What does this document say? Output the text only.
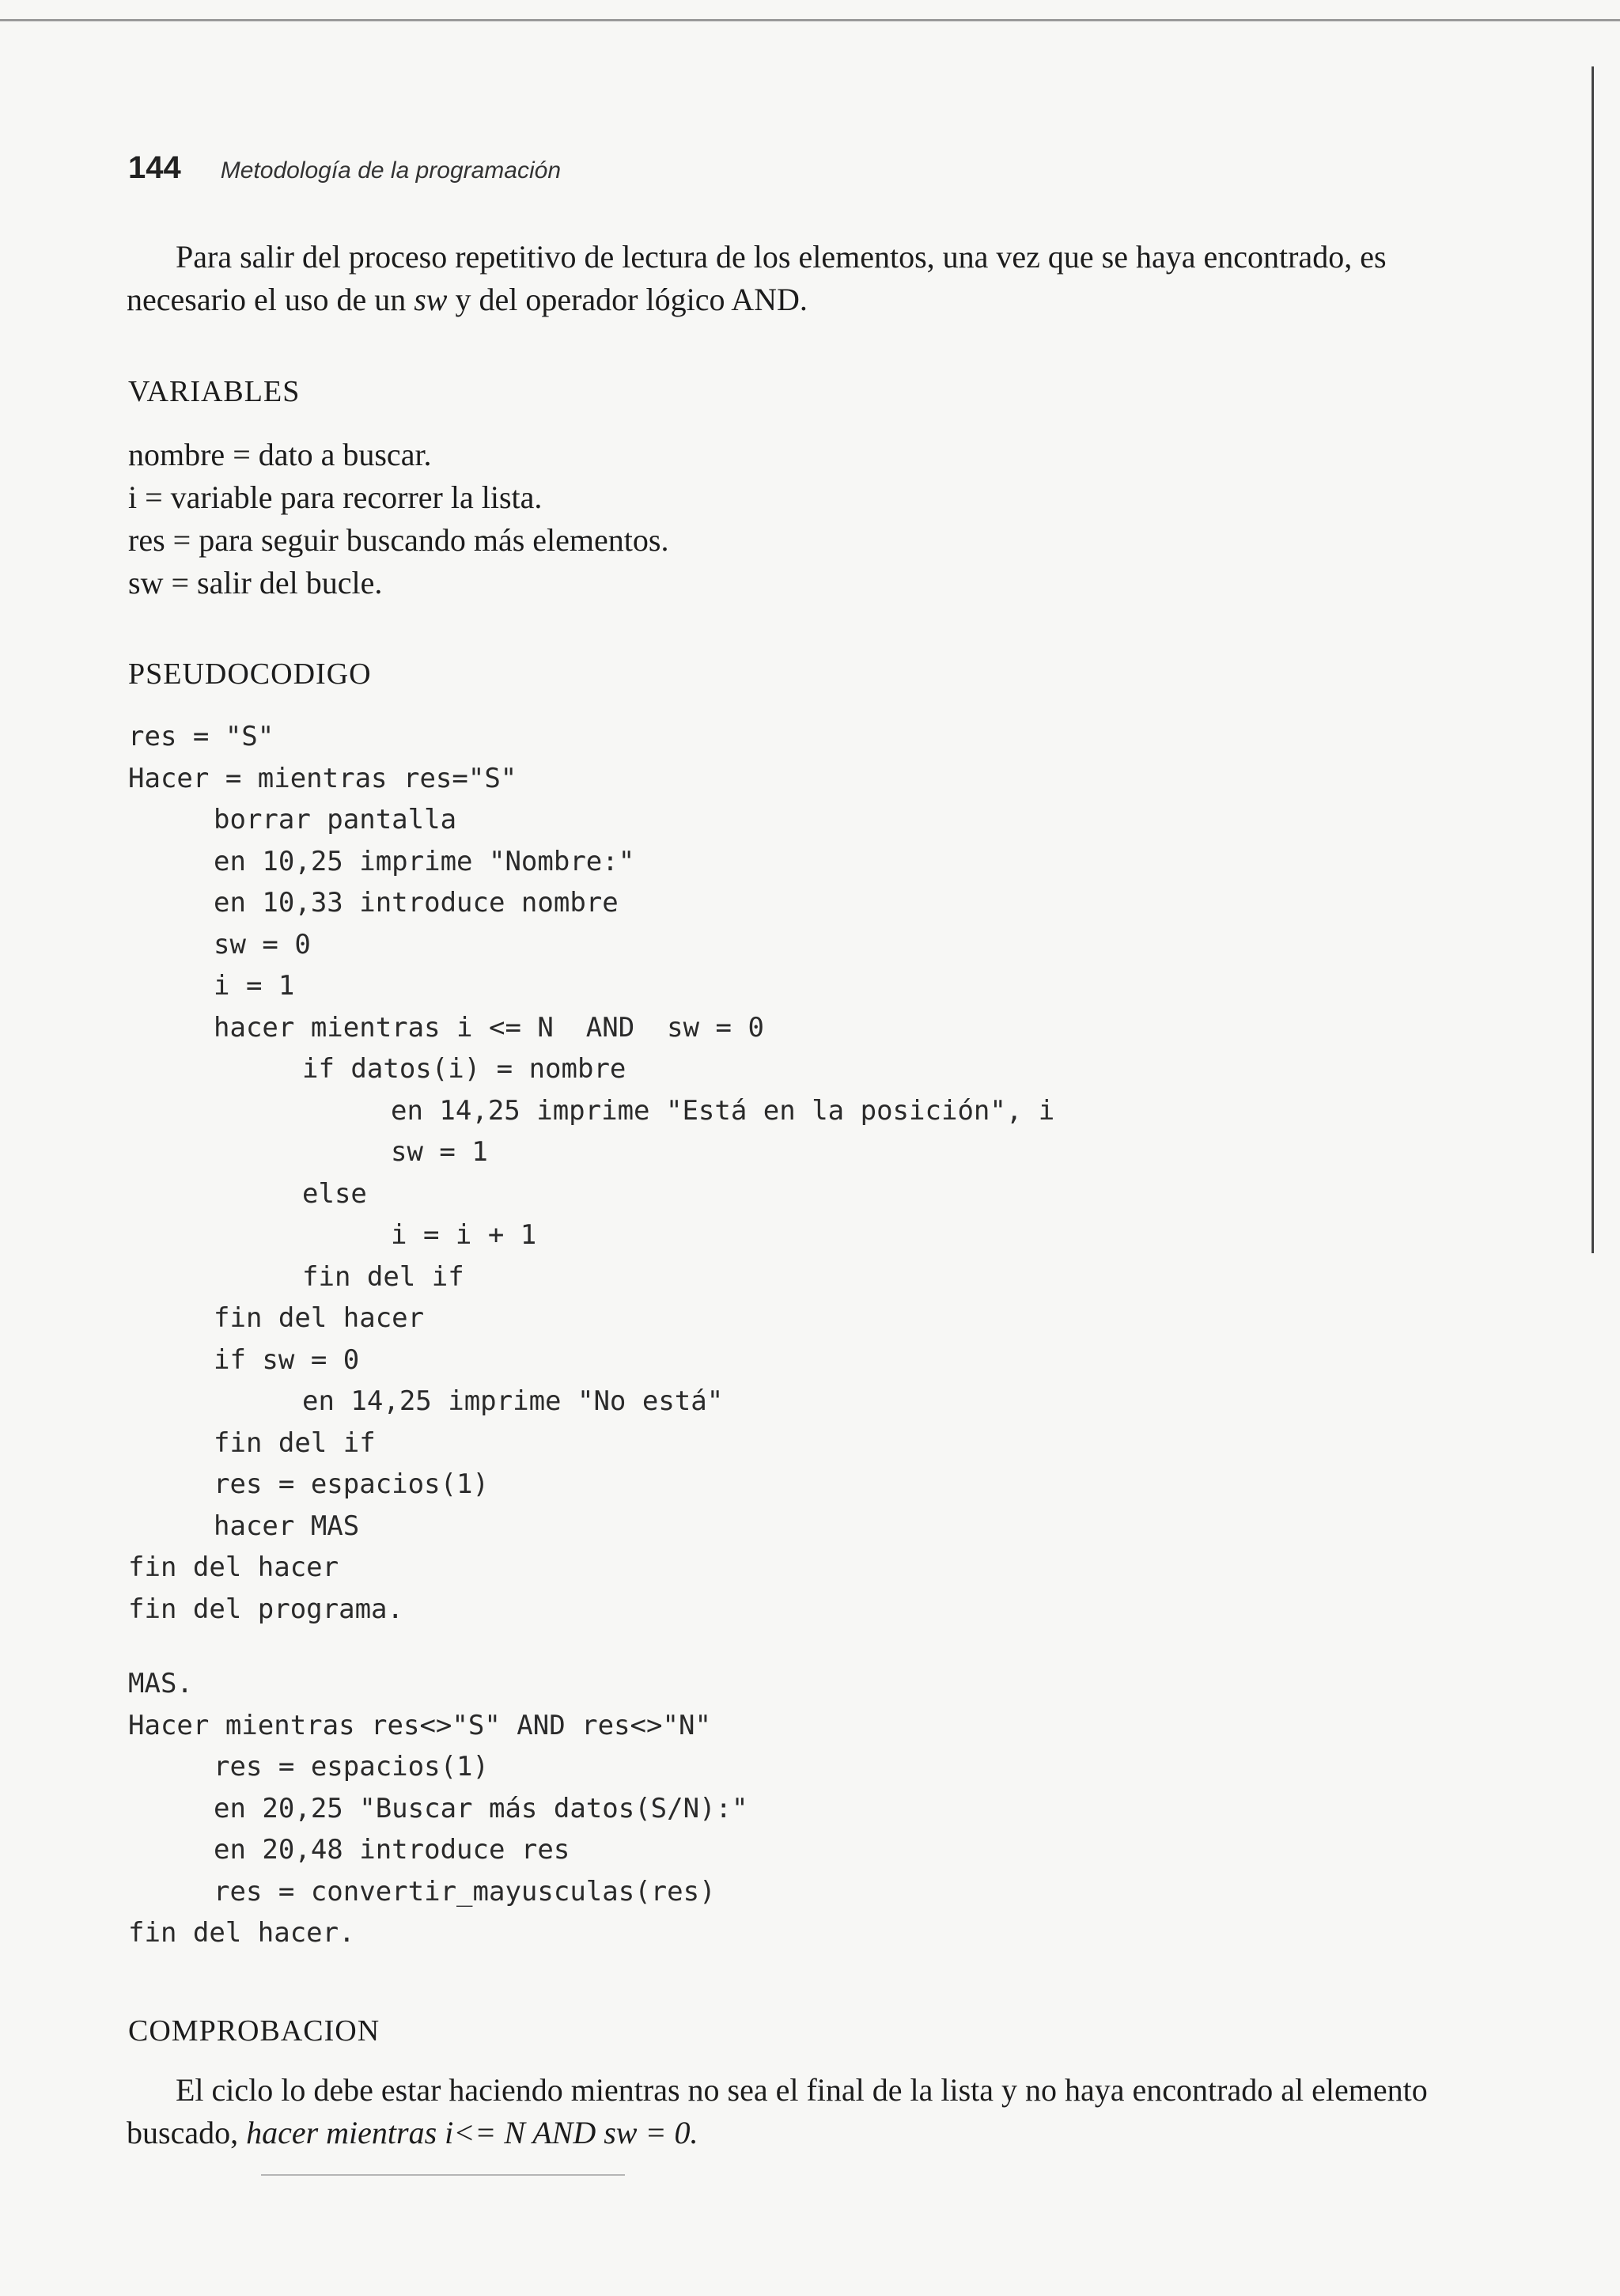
144 Metodología de la programación

Para salir del proceso repetitivo de lectura de los elementos, una vez que se haya encontrado, es necesario el uso de un sw y del operador lógico AND.

VARIABLES
nombre = dato a buscar.
i = variable para recorrer la lista.
res = para seguir buscando más elementos.
sw = salir del bucle.
PSEUDOCODIGO
res = "S"
Hacer = mientras res="S"
borrar pantalla
en 10,25 imprime "Nombre:"
en 10,33 introduce nombre
sw = 0
i = 1
hacer mientras i <= N  AND  sw = 0
if datos(i) = nombre
en 14,25 imprime "Está en la posición", i
sw = 1
else
i = i + 1
fin del if
fin del hacer
if sw = 0
en 14,25 imprime "No está"
fin del if
res = espacios(1)
hacer MAS
fin del hacer
fin del programa.
MAS.
Hacer mientras res<>"S" AND res<>"N"
res = espacios(1)
en 20,25 "Buscar más datos(S/N):"
en 20,48 introduce res
res = convertir_mayusculas(res)
fin del hacer.
COMPROBACION

El ciclo lo debe estar haciendo mientras no sea el final de la lista y no haya encontrado al elemento buscado, hacer mientras i<= N AND sw = 0.
